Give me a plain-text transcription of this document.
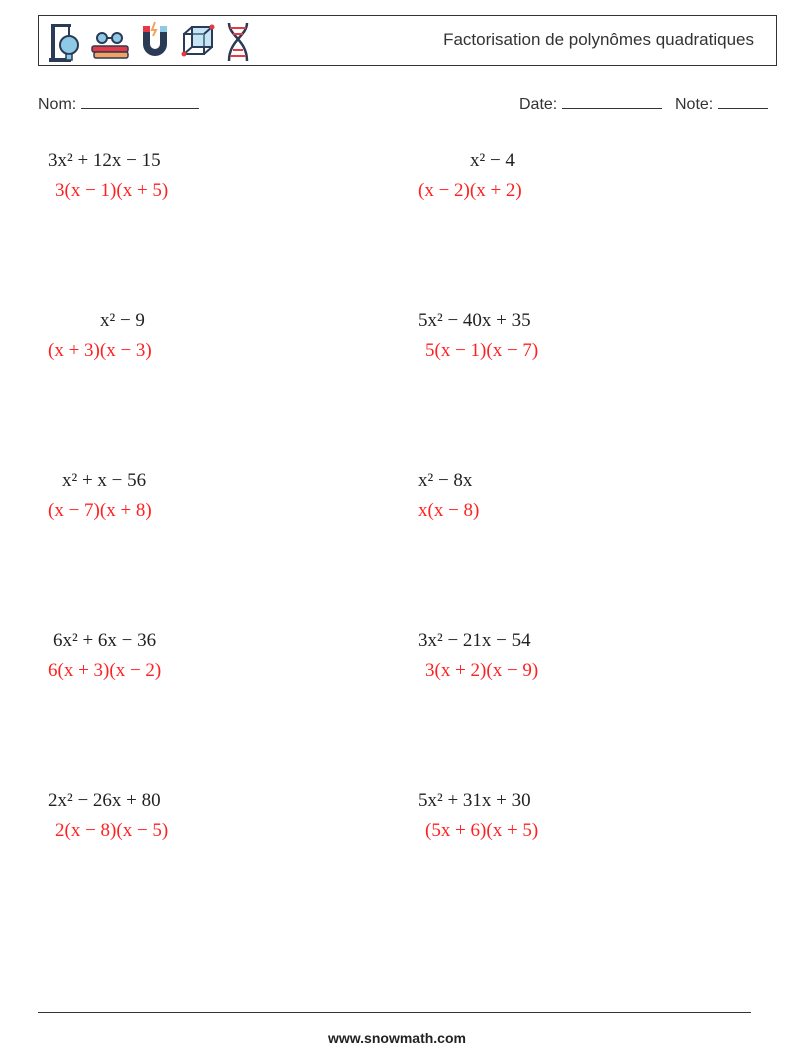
Factorisation de polynômes quadratiques
Nom:	Date:	Note:
3x² + 12x − 15
3(x − 1)(x + 5)
x² − 4
(x − 2)(x + 2)
x² − 9
(x + 3)(x − 3)
5x² − 40x + 35
5(x − 1)(x − 7)
x² + x − 56
(x − 7)(x + 8)
x² − 8x
x(x − 8)
6x² + 6x − 36
6(x + 3)(x − 2)
3x² − 21x − 54
3(x + 2)(x − 9)
2x² − 26x + 80
2(x − 8)(x − 5)
5x² + 31x + 30
(5x + 6)(x + 5)
www.snowmath.com
